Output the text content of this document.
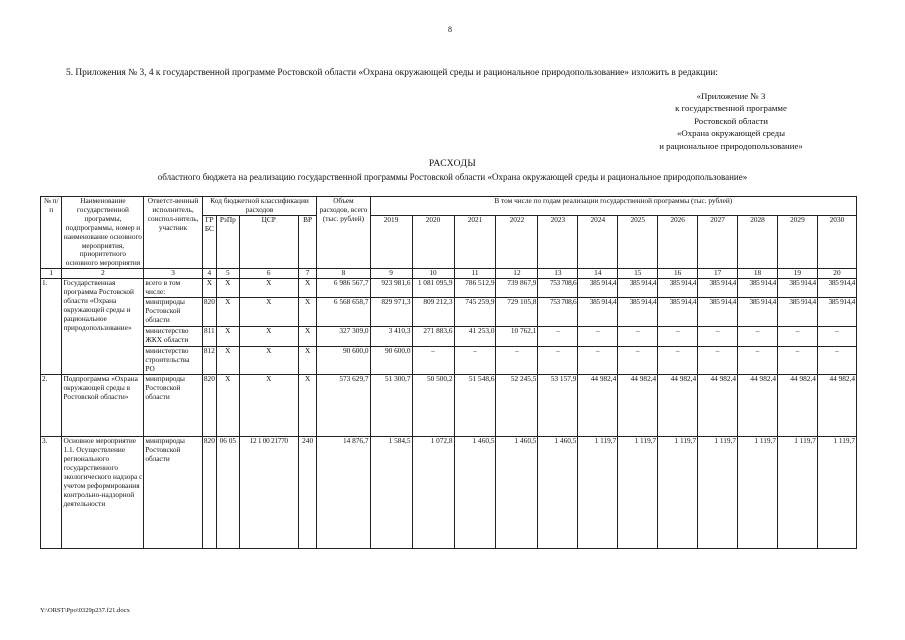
8
5. Приложения № 3, 4 к государственной программе Ростовской области «Охрана окружающей среды и рациональное природопользование» изложить в редакции:
«Приложение № 3
к государственной программе
Ростовской области
«Охрана окружающей среды
и рациональное природопользование»
РАСХОДЫ
областного бюджета на реализацию государственной программы Ростовской области «Охрана окружающей среды и рациональное природопользование»
№ п/п	Наименование государственной программы, подпрограммы, номер и наименование основного мероприятия, приоритетного основного мероприятия	Ответст-венный исполнитель, соиспол-нитель, участник	Код бюджетной классификации расходов				Объем расходов, всего (тыс. рублей)	В том числе по годам реализации государственной программы (тыс. рублей)											
			ГР БС	РзПр	ЦСР	ВР		2019	2020	2021	2022	2023	2024	2025	2026	2027	2028	2029	2030

1	2	3	4	5	6	7	8	9	10	11	12	13	14	15	16	17	18	19	20
1.	Государственная программа Ростовской области «Охрана окружающей среды и рациональное природопользование»	всего в том числе:	X	X	X	X	6 986 567,7	923 981,6	1 081 095,9	786 512,9	739 867,9	753 708,6	385 914,4	385 914,4	385 914,4	385 914,4	385 914,4	385 914,4	385 914,4
		минприроды Ростовской области	820	X	X	X	6 568 658,7	829 971,3	809 212,3	745 259,9	729 105,8	753 708,6	385 914,4	385 914,4	385 914,4	385 914,4	385 914,4	385 914,4	385 914,4
		министерство ЖКХ области	811	X	X	X	327 309,0	3 410,3	271 883,6	41 253,0	10 762,1	–	–	–	–	–	–	–	–
		министерство строительства РО	812	X	X	X	90 600,0	90 600,0	–	–	–	–	–	–	–	–	–	–	–
2.	Подпрограмма «Охрана окружающей среды в Ростовской области»	минприроды Ростовской области	820	X	X	X	573 629,7	51 300,7	50 500,2	51 548,6	52 245,5	53 157,9	44 982,4	44 982,4	44 982,4	44 982,4	44 982,4	44 982,4	44 982,4
3.	Основное мероприятие 1.1. Осуществление регионального государственного экологического надзора с учетом реформирования контрольно-надзорной деятельности	минприроды Ростовской области	820	06 05	12 1 00 21770	240	14 876,7	1 584,5	1 072,8	1 460,5	1 460,5	1 460,5	1 119,7	1 119,7	1 119,7	1 119,7	1 119,7	1 119,7	1 119,7
Y:\ORST\Ppo\0329p237.f21.docx
